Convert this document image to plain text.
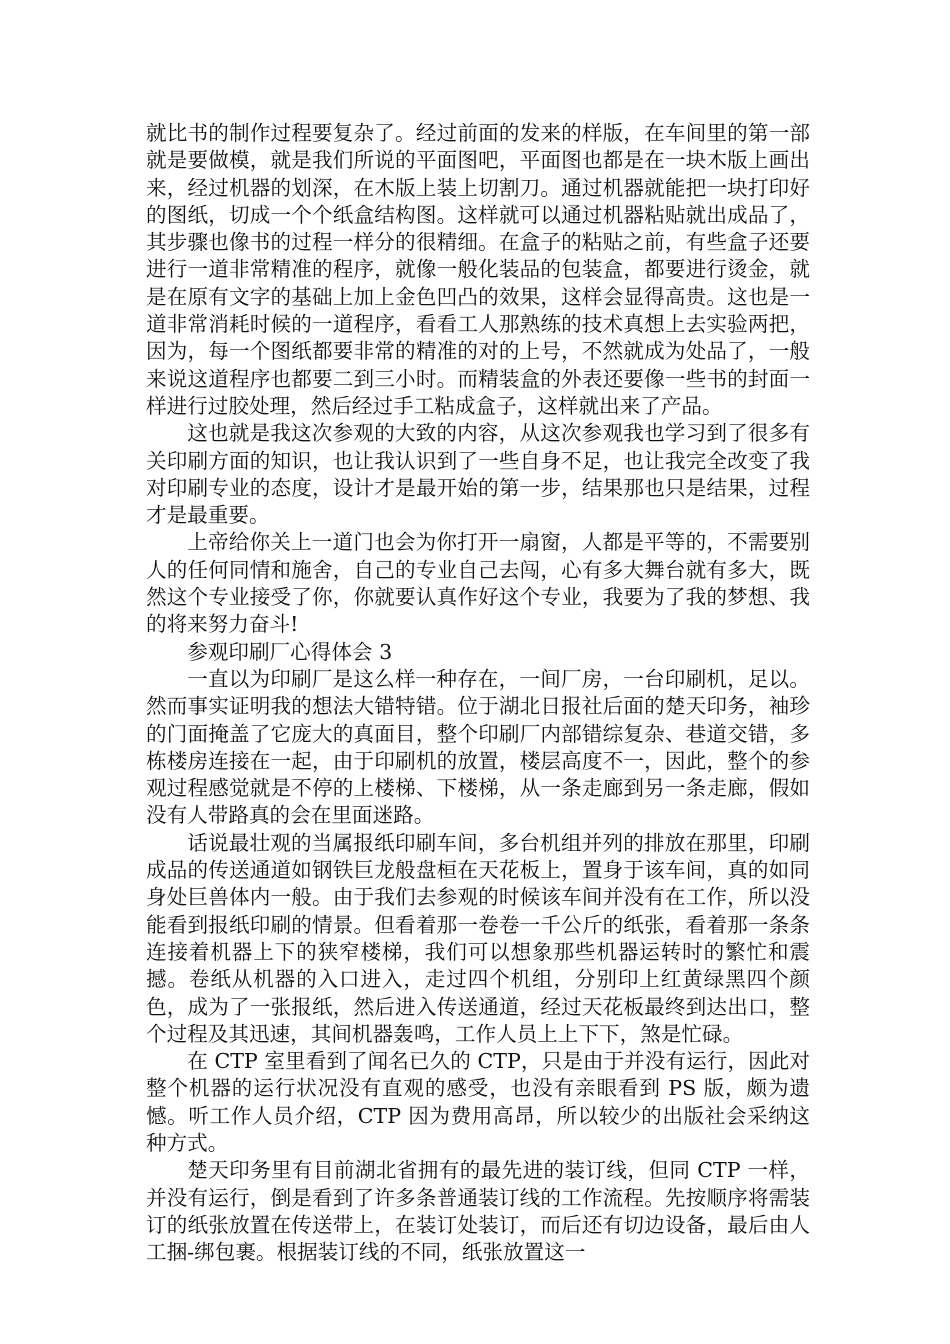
就比书的制作过程要复杂了。经过前面的发来的样版，在车间里的第一部就是要做模，就是我们所说的平面图吧，平面图也都是在一块木版上画出来，经过机器的划深，在木版上装上切割刀。通过机器就能把一块打印好的图纸，切成一个个纸盒结构图。这样就可以通过机器粘贴就出成品了，其步骤也像书的过程一样分的很精细。在盒子的粘贴之前，有些盒子还要进行一道非常精准的程序，就像一般化装品的包装盒，都要进行烫金，就是在原有文字的基础上加上金色凹凸的效果，这样会显得高贵。这也是一道非常消耗时候的一道程序，看看工人那熟练的技术真想上去实验两把，因为，每一个图纸都要非常的精准的对的上号，不然就成为处品了，一般来说这道程序也都要二到三小时。而精装盒的外表还要像一些书的封面一样进行过胶处理，然后经过手工粘成盒子，这样就出来了产品。

这也就是我这次参观的大致的内容，从这次参观我也学习到了很多有关印刷方面的知识，也让我认识到了一些自身不足，也让我完全改变了我对印刷专业的态度，设计才是最开始的第一步，结果那也只是结果，过程才是最重要。

上帝给你关上一道门也会为你打开一扇窗，人都是平等的，不需要别人的任何同情和施舍，自己的专业自己去闯，心有多大舞台就有多大，既然这个专业接受了你，你就要认真作好这个专业，我要为了我的梦想、我的将来努力奋斗!

参观印刷厂心得体会 3

一直以为印刷厂是这么样一种存在，一间厂房，一台印刷机，足以。然而事实证明我的想法大错特错。位于湖北日报社后面的楚天印务，袖珍的门面掩盖了它庞大的真面目，整个印刷厂内部错综复杂、巷道交错，多栋楼房连接在一起，由于印刷机的放置，楼层高度不一，因此，整个的参观过程感觉就是不停的上楼梯、下楼梯，从一条走廊到另一条走廊，假如没有人带路真的会在里面迷路。

话说最壮观的当属报纸印刷车间，多台机组并列的排放在那里，印刷成品的传送通道如钢铁巨龙般盘桓在天花板上，置身于该车间，真的如同身处巨兽体内一般。由于我们去参观的时候该车间并没有在工作，所以没能看到报纸印刷的情景。但看着那一卷卷一千公斤的纸张，看着那一条条连接着机器上下的狭窄楼梯，我们可以想象那些机器运转时的繁忙和震撼。卷纸从机器的入口进入，走过四个机组，分别印上红黄绿黑四个颜色，成为了一张报纸，然后进入传送通道，经过天花板最终到达出口，整个过程及其迅速，其间机器轰鸣，工作人员上上下下，煞是忙碌。

在 CTP 室里看到了闻名已久的 CTP，只是由于并没有运行，因此对整个机器的运行状况没有直观的感受，也没有亲眼看到 PS 版，颇为遗憾。听工作人员介绍，CTP 因为费用高昂，所以较少的出版社会采纳这种方式。

楚天印务里有目前湖北省拥有的最先进的装订线，但同 CTP 一样，并没有运行，倒是看到了许多条普通装订线的工作流程。先按顺序将需装订的纸张放置在传送带上，在装订处装订，而后还有切边设备，最后由人工捆-绑包裹。根据装订线的不同，纸张放置这一
